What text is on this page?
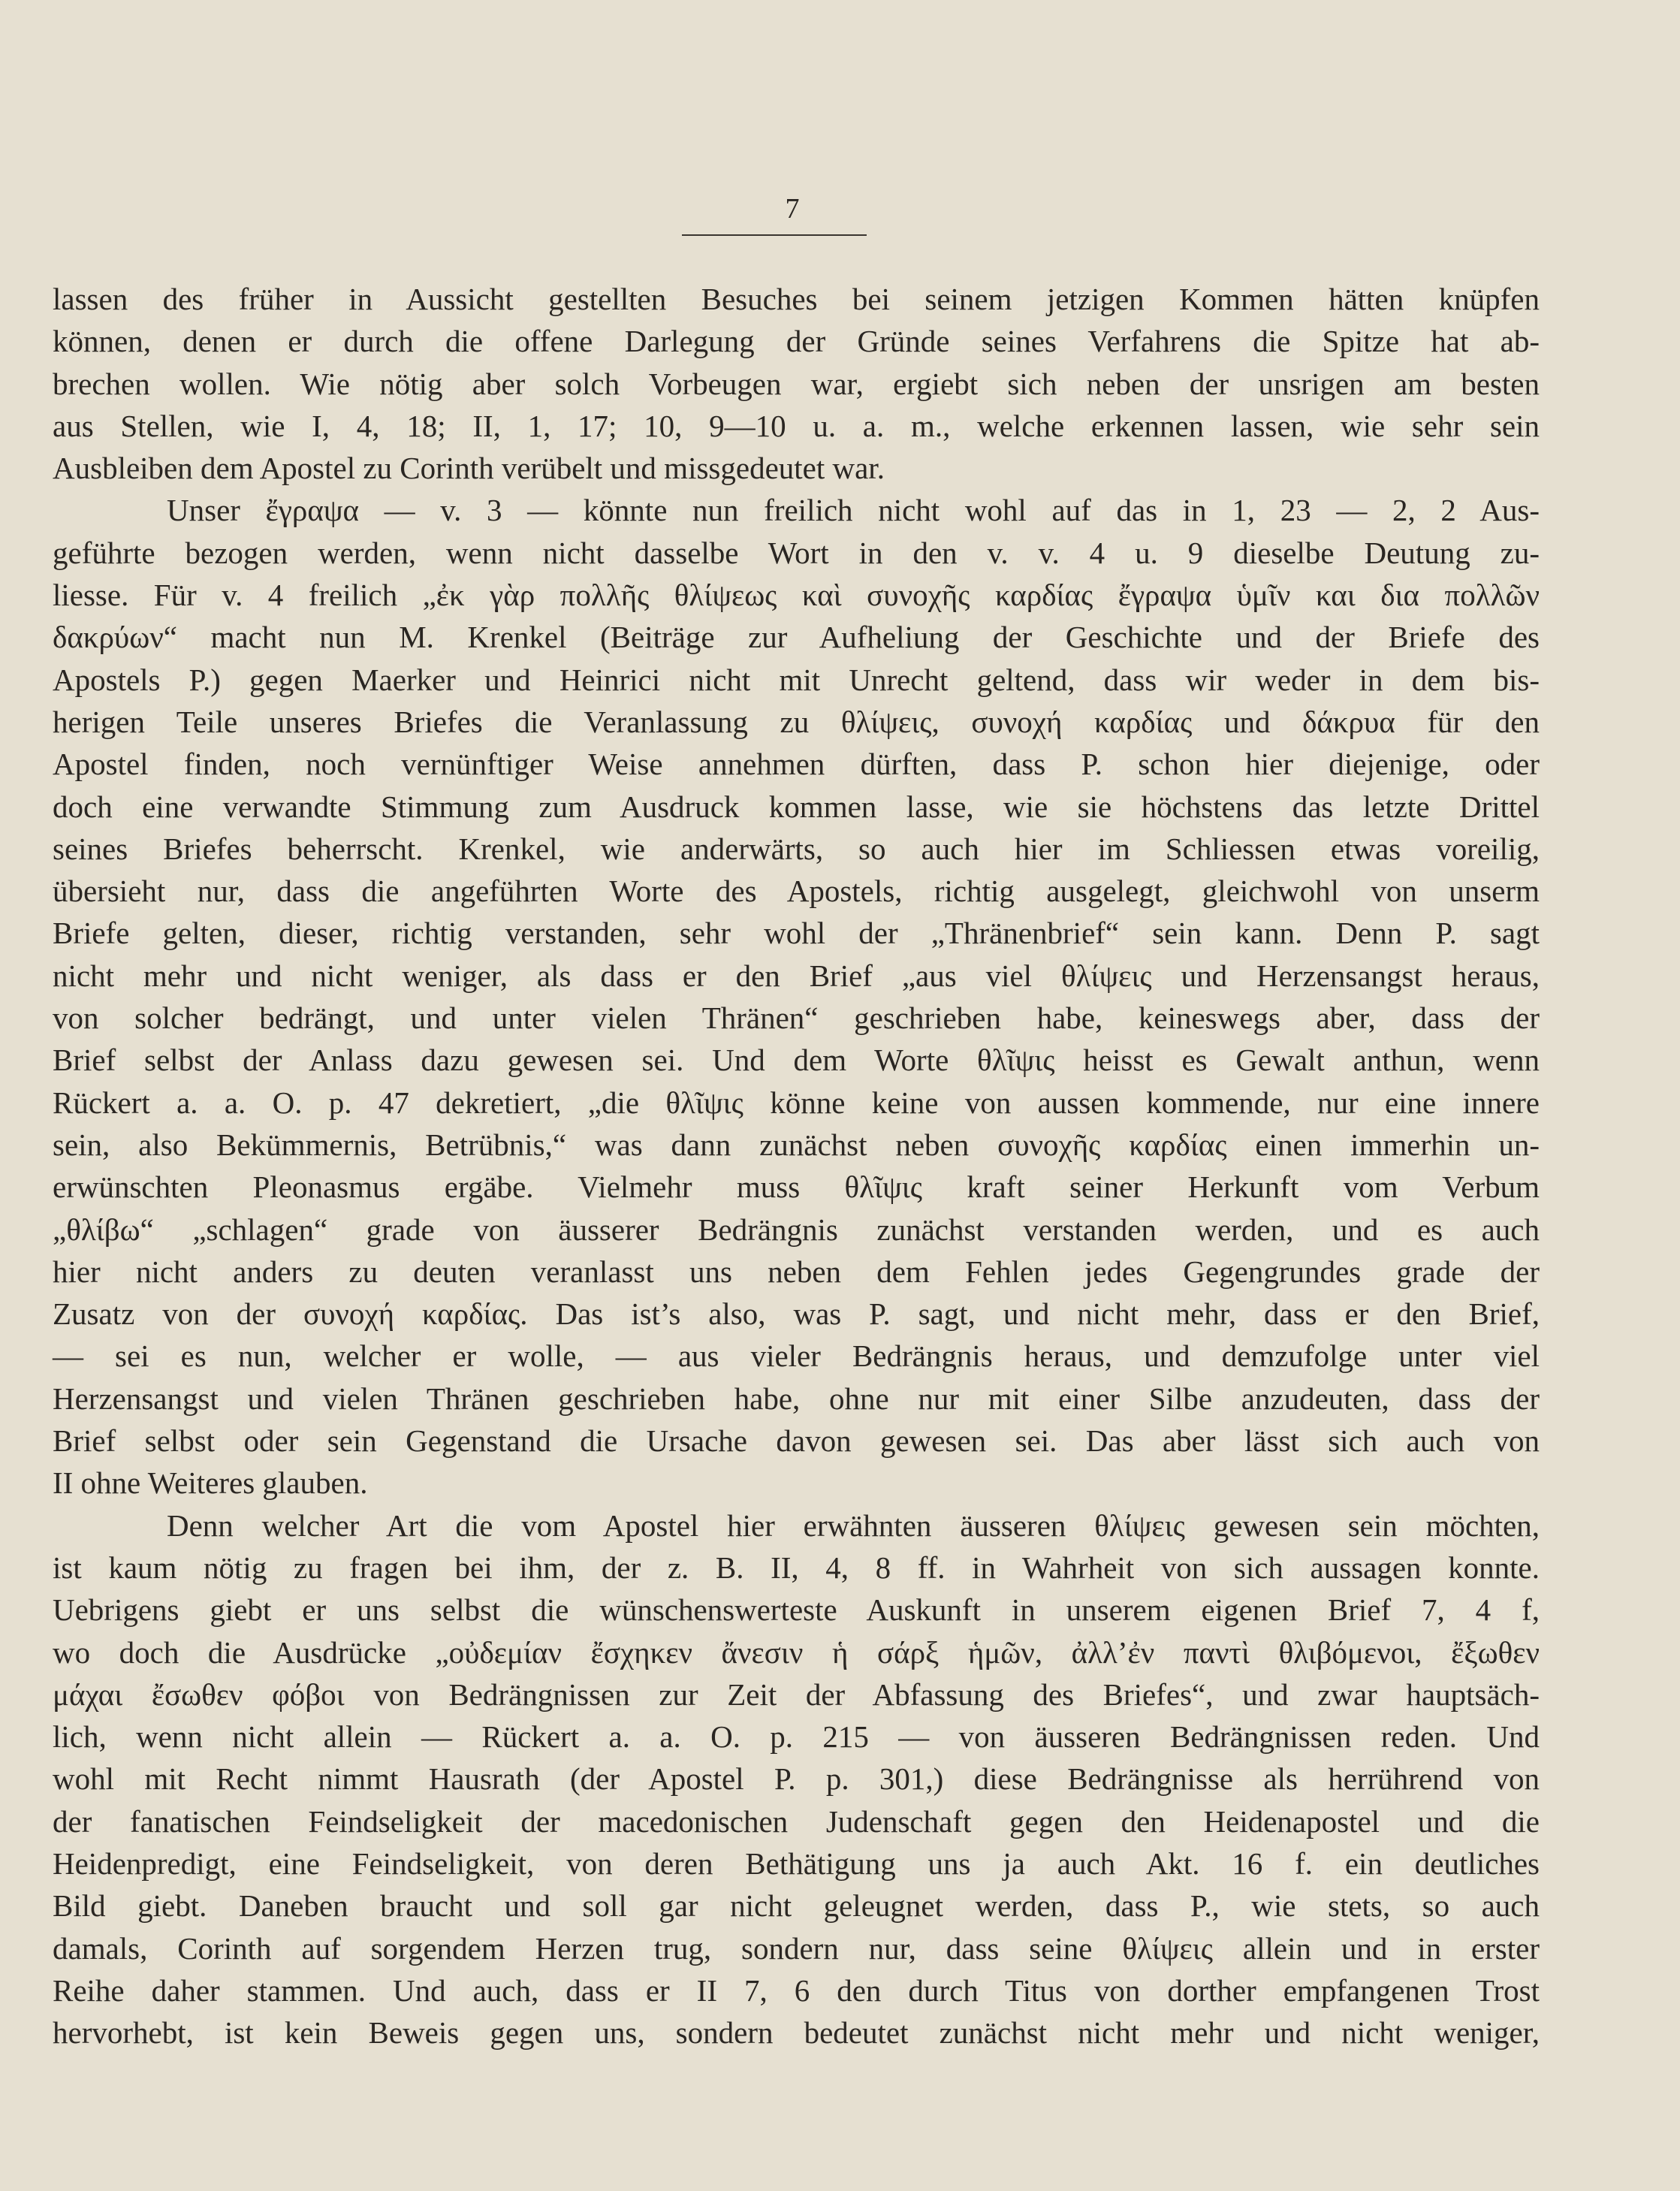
7
lassen des früher in Aussicht gestellten Besuches bei seinem jetzigen Kommen hätten knüpfen
können, denen er durch die offene Darlegung der Gründe seines Verfahrens die Spitze hat ab-
brechen wollen. Wie nötig aber solch Vorbeugen war, ergiebt sich neben der unsrigen am besten
aus Stellen, wie I, 4, 18; II, 1, 17; 10, 9—10 u. a. m., welche erkennen lassen, wie sehr sein
Ausbleiben dem Apostel zu Corinth verübelt und missgedeutet war.
Unser ἔγραψα — v. 3 — könnte nun freilich nicht wohl auf das in 1, 23 — 2, 2 Aus-
geführte bezogen werden, wenn nicht dasselbe Wort in den v. v. 4 u. 9 dieselbe Deutung zu-
liesse. Für v. 4 freilich „ἐκ γὰρ πολλῆς θλίψεως καὶ συνοχῆς καρδίας ἔγραψα ὑμῖν και δια πολλῶν
δακρύων“ macht nun M. Krenkel (Beiträge zur Aufheliung der Geschichte und der Briefe des
Apostels P.) gegen Maerker und Heinrici nicht mit Unrecht geltend, dass wir weder in dem bis-
herigen Teile unseres Briefes die Veranlassung zu θλίψεις, συνοχή καρδίας und δάκρυα für den
Apostel finden, noch vernünftiger Weise annehmen dürften, dass P. schon hier diejenige, oder
doch eine verwandte Stimmung zum Ausdruck kommen lasse, wie sie höchstens das letzte Drittel
seines Briefes beherrscht. Krenkel, wie anderwärts, so auch hier im Schliessen etwas voreilig,
übersieht nur, dass die angeführten Worte des Apostels, richtig ausgelegt, gleichwohl von unserm
Briefe gelten, dieser, richtig verstanden, sehr wohl der „Thränenbrief“ sein kann. Denn P. sagt
nicht mehr und nicht weniger, als dass er den Brief „aus viel θλίψεις und Herzensangst heraus,
von solcher bedrängt, und unter vielen Thränen“ geschrieben habe, keineswegs aber, dass der
Brief selbst der Anlass dazu gewesen sei. Und dem Worte θλῖψις heisst es Gewalt anthun, wenn
Rückert a. a. O. p. 47 dekretiert, „die θλῖψις könne keine von aussen kommende, nur eine innere
sein, also Bekümmernis, Betrübnis,“ was dann zunächst neben συνοχῆς καρδίας einen immerhin un-
erwünschten Pleonasmus ergäbe. Vielmehr muss θλῖψις kraft seiner Herkunft vom Verbum
„θλίβω“ „schlagen“ grade von äusserer Bedrängnis zunächst verstanden werden, und es auch
hier nicht anders zu deuten veranlasst uns neben dem Fehlen jedes Gegengrundes grade der
Zusatz von der συνοχή καρδίας. Das ist’s also, was P. sagt, und nicht mehr, dass er den Brief,
— sei es nun, welcher er wolle, — aus vieler Bedrängnis heraus, und demzufolge unter viel
Herzensangst und vielen Thränen geschrieben habe, ohne nur mit einer Silbe anzudeuten, dass der
Brief selbst oder sein Gegenstand die Ursache davon gewesen sei. Das aber lässt sich auch von
II ohne Weiteres glauben.
Denn welcher Art die vom Apostel hier erwähnten äusseren θλίψεις gewesen sein möchten,
ist kaum nötig zu fragen bei ihm, der z. B. II, 4, 8 ff. in Wahrheit von sich aussagen konnte.
Uebrigens giebt er uns selbst die wünschenswerteste Auskunft in unserem eigenen Brief 7, 4 f,
wo doch die Ausdrücke „οὐδεμίαν ἔσχηκεν ἄνεσιν ἡ σάρξ ἡμῶν, ἀλλ’ἐν παντὶ θλιβόμενοι, ἔξωθεν
μάχαι ἔσωθεν φόβοι von Bedrängnissen zur Zeit der Abfassung des Briefes“, und zwar hauptsäch-
lich, wenn nicht allein — Rückert a. a. O. p. 215 — von äusseren Bedrängnissen reden. Und
wohl mit Recht nimmt Hausrath (der Apostel P. p. 301,) diese Bedrängnisse als herrührend von
der fanatischen Feindseligkeit der macedonischen Judenschaft gegen den Heidenapostel und die
Heidenpredigt, eine Feindseligkeit, von deren Bethätigung uns ja auch Akt. 16 f. ein deutliches
Bild giebt. Daneben braucht und soll gar nicht geleugnet werden, dass P., wie stets, so auch
damals, Corinth auf sorgendem Herzen trug, sondern nur, dass seine θλίψεις allein und in erster
Reihe daher stammen. Und auch, dass er II 7, 6 den durch Titus von dorther empfangenen Trost
hervorhebt, ist kein Beweis gegen uns, sondern bedeutet zunächst nicht mehr und nicht weniger,
